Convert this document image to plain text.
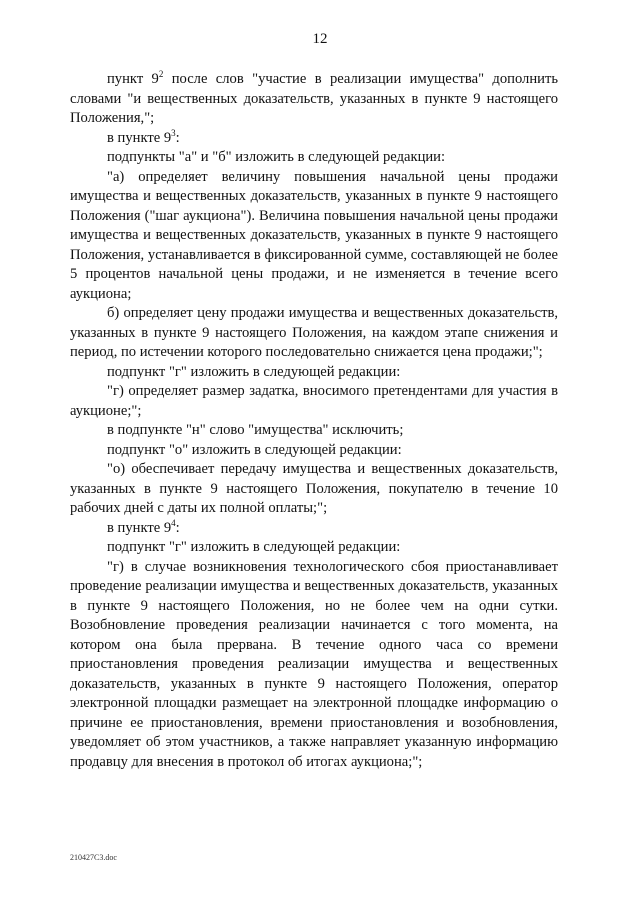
12

пункт $9^2$ после слов "участие в реализации имущества" дополнить словами "и вещественных доказательств, указанных в пункте 9 настоящего Положения,";

в пункте $9^3$:

подпункты "а" и "б" изложить в следующей редакции:

"а) определяет величину повышения начальной цены продажи имущества и вещественных доказательств, указанных в пункте 9 настоящего Положения ("шаг аукциона"). Величина повышения начальной цены продажи имущества и вещественных доказательств, указанных в пункте 9 настоящего Положения, устанавливается в фиксированной сумме, составляющей не более 5 процентов начальной цены продажи, и не изменяется в течение всего аукциона;

б) определяет цену продажи имущества и вещественных доказательств, указанных в пункте 9 настоящего Положения, на каждом этапе снижения и период, по истечении которого последовательно снижается цена продажи;";

подпункт "г" изложить в следующей редакции:

"г) определяет размер задатка, вносимого претендентами для участия в аукционе;";

в подпункте "н" слово "имущества" исключить;

подпункт "о" изложить в следующей редакции:

"о) обеспечивает передачу имущества и вещественных доказательств, указанных в пункте 9 настоящего Положения, покупателю в течение 10 рабочих дней с даты их полной оплаты;";

в пункте $9^4$:

подпункт "г" изложить в следующей редакции:

"г) в случае возникновения технологического сбоя приостанавливает проведение реализации имущества и вещественных доказательств, указанных в пункте 9 настоящего Положения, но не более чем на одни сутки. Возобновление проведения реализации начинается с того момента, на котором она была прервана. В течение одного часа со времени приостановления проведения реализации имущества и вещественных доказательств, указанных в пункте 9 настоящего Положения, оператор электронной площадки размещает на электронной площадке информацию о причине ее приостановления, времени приостановления и возобновления, уведомляет об этом участников, а также направляет указанную информацию продавцу для внесения в протокол об итогах аукциона;";

210427C3.doc
